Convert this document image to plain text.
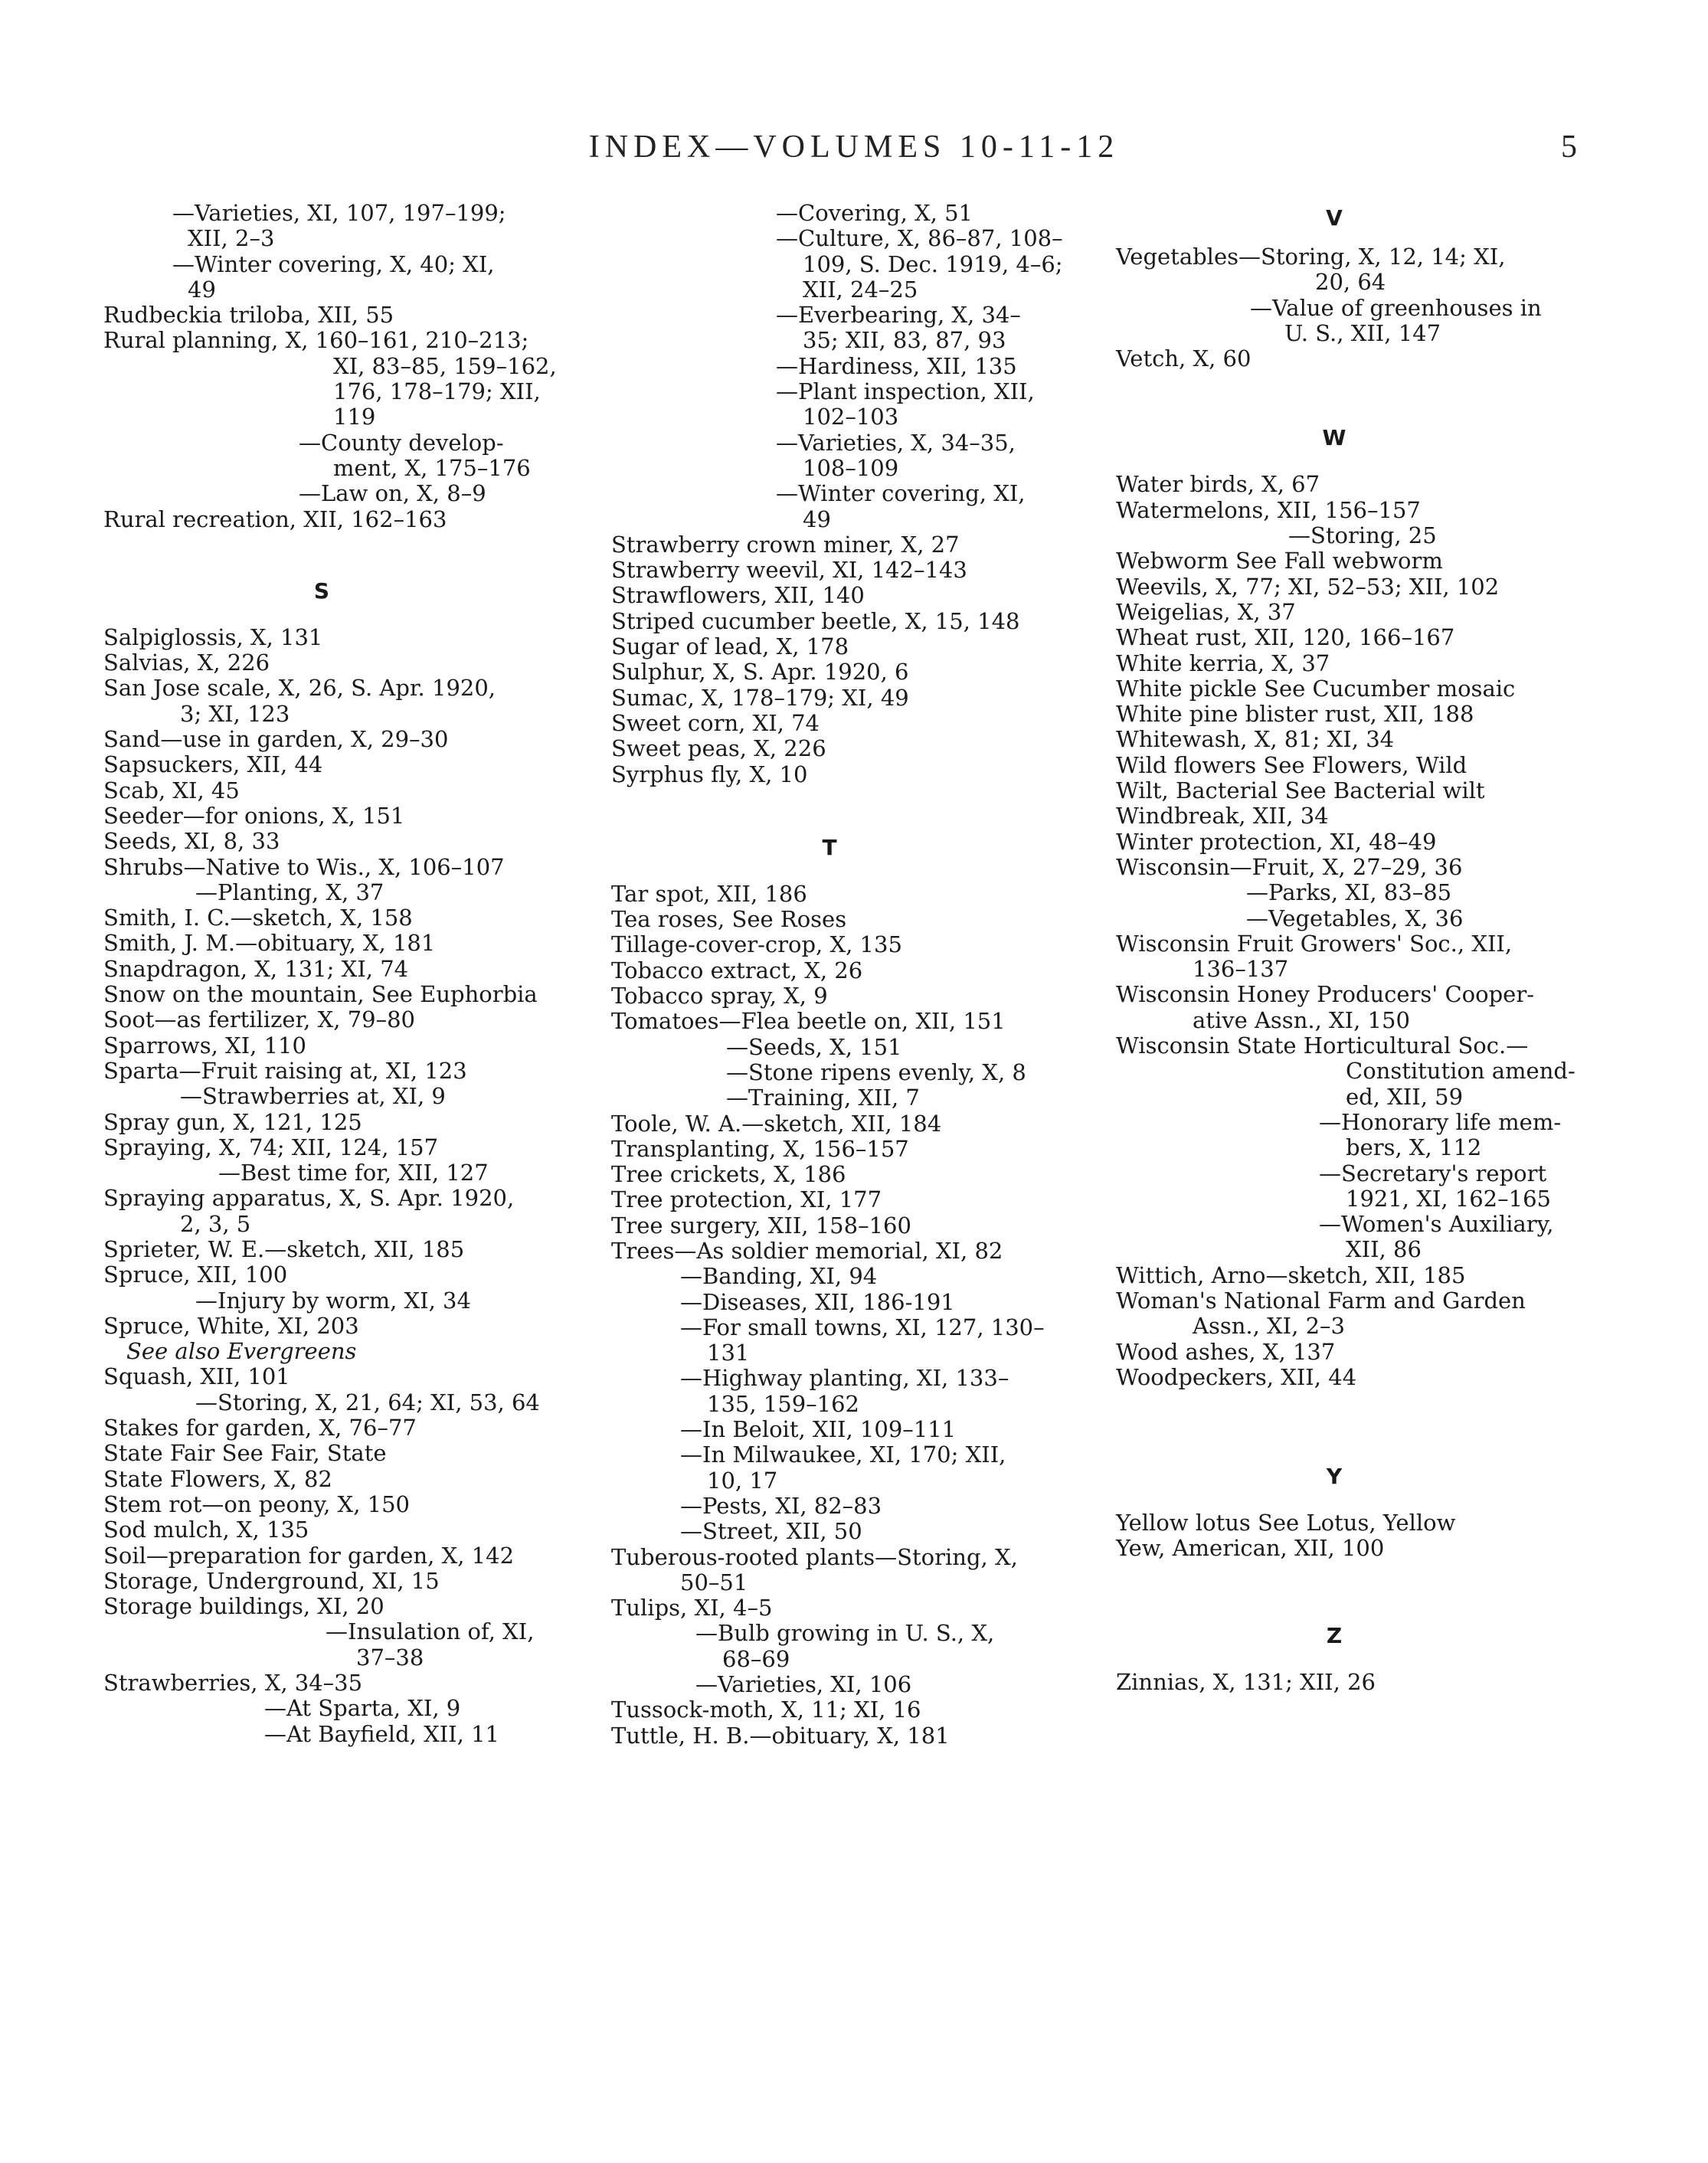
INDEX—VOLUMES 10-11-12	5
—Varieties, XI, 107, 197–199;
XII, 2–3
—Winter covering, X, 40; XI,
49
Rudbeckia triloba, XII, 55
Rural planning, X, 160–161, 210–213;
XI, 83–85, 159–162,
176, 178–179; XII,
119
—County develop-
ment, X, 175–176
—Law on, X, 8–9
Rural recreation, XII, 162–163
S
Salpiglossis, X, 131
Salvias, X, 226
San Jose scale, X, 26, S. Apr. 1920,
3; XI, 123
Sand—use in garden, X, 29–30
Sapsuckers, XII, 44
Scab, XI, 45
Seeder—for onions, X, 151
Seeds, XI, 8, 33
Shrubs—Native to Wis., X, 106–107
—Planting, X, 37
Smith, I. C.—sketch, X, 158
Smith, J. M.—obituary, X, 181
Snapdragon, X, 131; XI, 74
Snow on the mountain, See Euphorbia
Soot—as fertilizer, X, 79–80
Sparrows, XI, 110
Sparta—Fruit raising at, XI, 123
—Strawberries at, XI, 9
Spray gun, X, 121, 125
Spraying, X, 74; XII, 124, 157
—Best time for, XII, 127
Spraying apparatus, X, S. Apr. 1920,
2, 3, 5
Sprieter, W. E.—sketch, XII, 185
Spruce, XII, 100
—Injury by worm, XI, 34
Spruce, White, XI, 203
See also Evergreens
Squash, XII, 101
—Storing, X, 21, 64; XI, 53, 64
Stakes for garden, X, 76–77
State Fair See Fair, State
State Flowers, X, 82
Stem rot—on peony, X, 150
Sod mulch, X, 135
Soil—preparation for garden, X, 142
Storage, Underground, XI, 15
Storage buildings, XI, 20
—Insulation of, XI,
37–38
Strawberries, X, 34–35
—At Sparta, XI, 9
—At Bayfield, XII, 11
—Covering, X, 51
—Culture, X, 86–87, 108–
109, S. Dec. 1919, 4–6;
XII, 24–25
—Everbearing, X, 34–
35; XII, 83, 87, 93
—Hardiness, XII, 135
—Plant inspection, XII,
102–103
—Varieties, X, 34–35,
108–109
—Winter covering, XI,
49
Strawberry crown miner, X, 27
Strawberry weevil, XI, 142–143
Strawflowers, XII, 140
Striped cucumber beetle, X, 15, 148
Sugar of lead, X, 178
Sulphur, X, S. Apr. 1920, 6
Sumac, X, 178–179; XI, 49
Sweet corn, XI, 74
Sweet peas, X, 226
Syrphus fly, X, 10
T
Tar spot, XII, 186
Tea roses, See Roses
Tillage-cover-crop, X, 135
Tobacco extract, X, 26
Tobacco spray, X, 9
Tomatoes—Flea beetle on, XII, 151
—Seeds, X, 151
—Stone ripens evenly, X, 8
—Training, XII, 7
Toole, W. A.—sketch, XII, 184
Transplanting, X, 156–157
Tree crickets, X, 186
Tree protection, XI, 177
Tree surgery, XII, 158–160
Trees—As soldier memorial, XI, 82
—Banding, XI, 94
—Diseases, XII, 186-191
—For small towns, XI, 127, 130–
131
—Highway planting, XI, 133–
135, 159–162
—In Beloit, XII, 109–111
—In Milwaukee, XI, 170; XII,
10, 17
—Pests, XI, 82–83
—Street, XII, 50
Tuberous-rooted plants—Storing, X,
50–51
Tulips, XI, 4–5
—Bulb growing in U. S., X,
68–69
—Varieties, XI, 106
Tussock-moth, X, 11; XI, 16
Tuttle, H. B.—obituary, X, 181
V
Vegetables—Storing, X, 12, 14; XI,
20, 64
—Value of greenhouses in
U. S., XII, 147
Vetch, X, 60
W
Water birds, X, 67
Watermelons, XII, 156–157
—Storing, 25
Webworm See Fall webworm
Weevils, X, 77; XI, 52–53; XII, 102
Weigelias, X, 37
Wheat rust, XII, 120, 166–167
White kerria, X, 37
White pickle See Cucumber mosaic
White pine blister rust, XII, 188
Whitewash, X, 81; XI, 34
Wild flowers See Flowers, Wild
Wilt, Bacterial See Bacterial wilt
Windbreak, XII, 34
Winter protection, XI, 48–49
Wisconsin—Fruit, X, 27–29, 36
—Parks, XI, 83–85
—Vegetables, X, 36
Wisconsin Fruit Growers' Soc., XII,
136–137
Wisconsin Honey Producers' Cooper-
ative Assn., XI, 150
Wisconsin State Horticultural Soc.—
Constitution amend-
ed, XII, 59
—Honorary life mem-
bers, X, 112
—Secretary's report
1921, XI, 162–165
—Women's Auxiliary,
XII, 86
Wittich, Arno—sketch, XII, 185
Woman's National Farm and Garden
Assn., XI, 2–3
Wood ashes, X, 137
Woodpeckers, XII, 44
Y
Yellow lotus See Lotus, Yellow
Yew, American, XII, 100
Z
Zinnias, X, 131; XII, 26
